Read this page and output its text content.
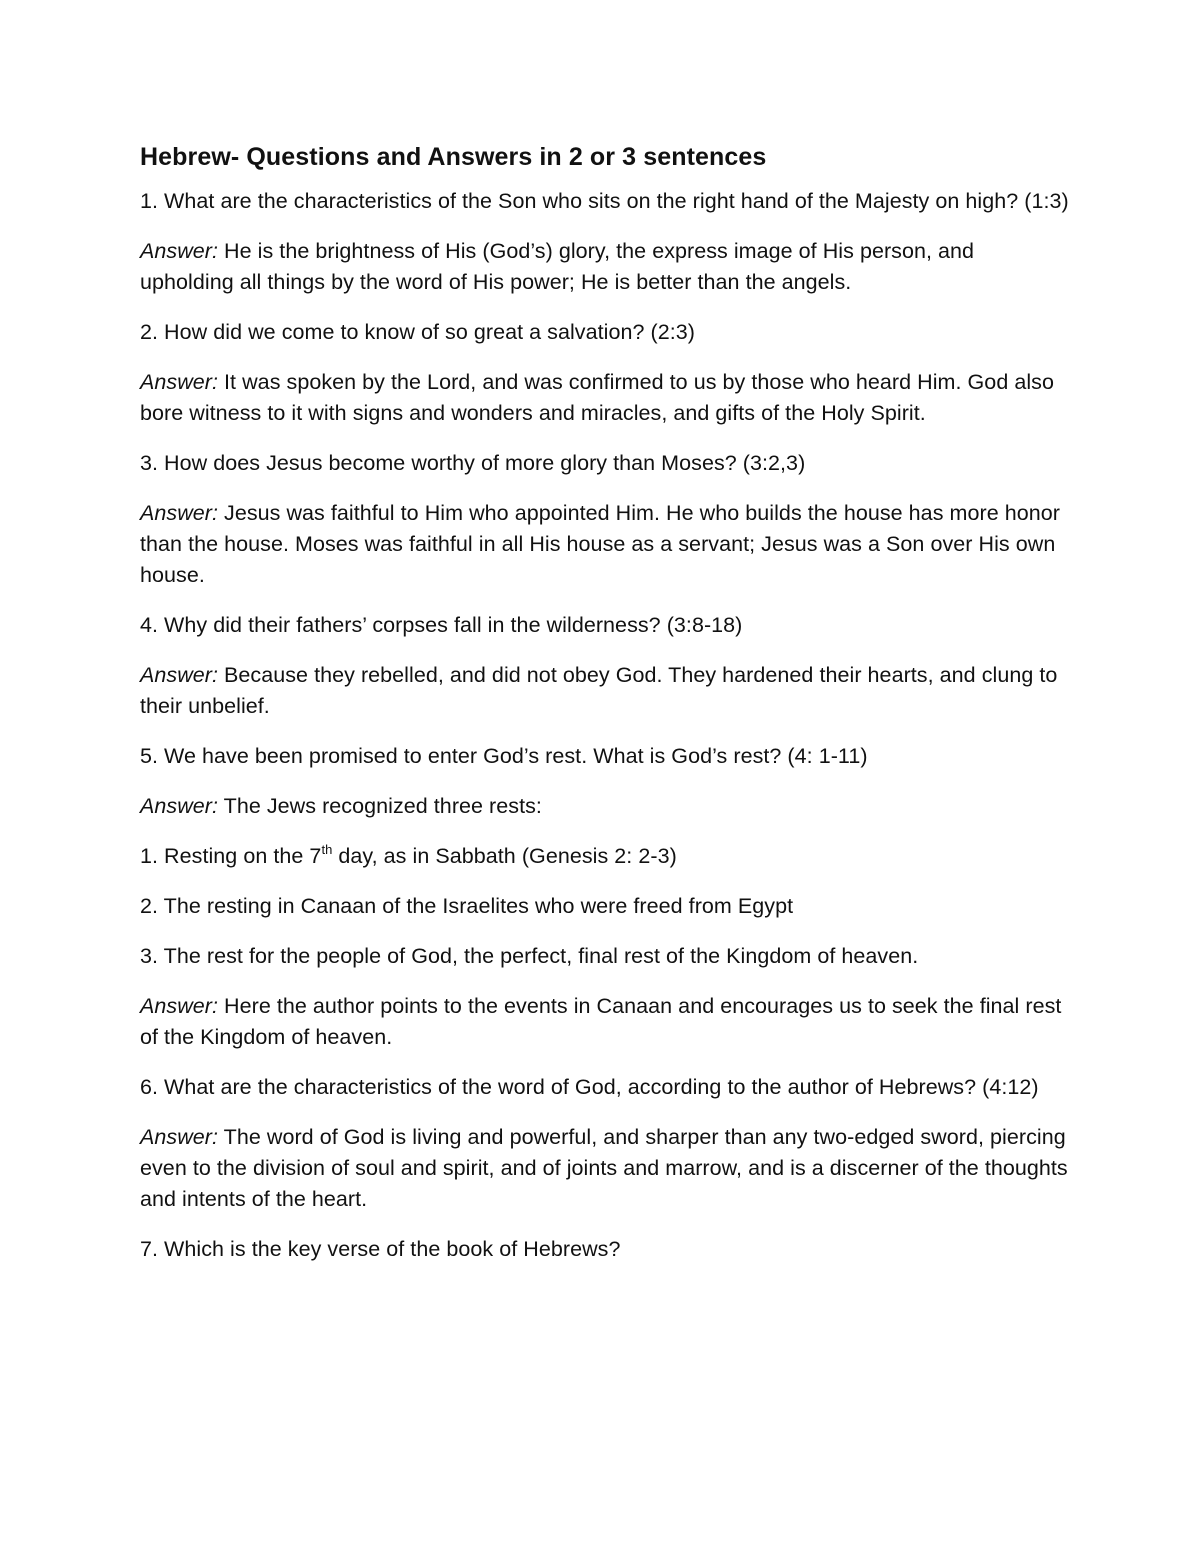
Hebrew- Questions and Answers in 2 or 3 sentences

1. What are the characteristics of the Son who sits on the right hand of the Majesty on high? (1:3)

Answer: He is the brightness of His (God’s) glory, the express image of His person, and upholding all things by the word of His power; He is better than the angels.

2. How did we come to know of so great a salvation? (2:3)

Answer: It was spoken by the Lord, and was confirmed to us by those who heard Him. God also bore witness to it with signs and wonders and miracles, and gifts of the Holy Spirit.

3. How does Jesus become worthy of more glory than Moses? (3:2,3)

Answer: Jesus was faithful to Him who appointed Him. He who builds the house has more honor than the house. Moses was faithful in all His house as a servant; Jesus was a Son over His own house.

4. Why did their fathers’ corpses fall in the wilderness? (3:8-18)

Answer: Because they rebelled, and did not obey God. They hardened their hearts, and clung to their unbelief.

5. We have been promised to enter God’s rest. What is God’s rest? (4: 1-11)

Answer: The Jews recognized three rests:

1. Resting on the 7th day, as in Sabbath (Genesis 2: 2-3)

2. The resting in Canaan of the Israelites who were freed from Egypt

3. The rest for the people of God, the perfect, final rest of the Kingdom of heaven.

Answer: Here the author points to the events in Canaan and encourages us to seek the final rest of the Kingdom of heaven.

6. What are the characteristics of the word of God, according to the author of Hebrews? (4:12)

Answer: The word of God is living and powerful, and sharper than any two-edged sword, piercing even to the division of soul and spirit, and of joints and marrow, and is a discerner of the thoughts and intents of the heart.

7. Which is the key verse of the book of Hebrews?
